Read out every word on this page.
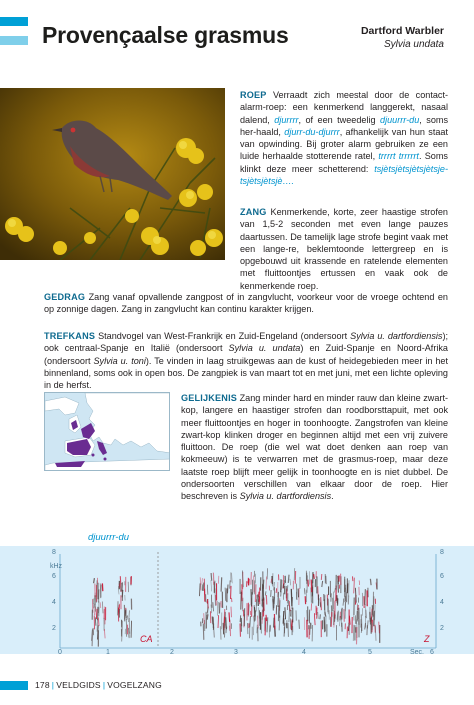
Provençaalse grasmus	Dartford Warbler
Sylvia undata
ROEP Verraadt zich meestal door de contact-alarm-roep: een kenmerkend langgerekt, nasaal dalend, djurrrr, of een tweedelig djuurrr-du, soms her-haald, djurr-du-djurrr, afhankelijk van hun staat van opwinding. Bij groter alarm gebruiken ze een luide herhaalde stotterende ratel, trrrrt trrrrrt. Soms klinkt deze meer schetterend: tsjètsjètsjètsjètsje-tsjètsjètsjè….
ZANG Kenmerkende, korte, zeer haastige strofen van 1,5-2 seconden met even lange pauzes daartussen. De tamelijk lage strofe begint vaak met een lange-re, beklemtoonde lettergreep en is opgebouwd uit krassende en ratelende elementen met fluittoontjes ertussen en vaak ook de kenmerkende roep.
GEDRAG Zang vanaf opvallende zangpost of in zangvlucht, voorkeur voor de vroege ochtend en op zonnige dagen. Zang in zangvlucht kan continu karakter krijgen.
TREFKANS Standvogel van West-Frankrijk en Zuid-Engeland (ondersoort Sylvia u. dartfordiensis); ook centraal-Spanje en Italië (ondersoort Sylvia u. undata) en Zuid-Spanje en Noord-Afrika (ondersoort Sylvia u. toni). Te vinden in laag struikgewas aan de kust of heidegebieden meer in het binnenland, soms ook in open bos. De zangpiek is van maart tot en met juni, met een lichte opleving in de herfst.
GELIJKENIS Zang minder hard en minder rauw dan kleine zwart-kop, langere en haastiger strofen dan roodborsttapuit, met ook meer fluittoontjes en hoger in toonhoogte. Zangstrofen van kleine zwart-kop klinken droger en beginnen altijd met een vrij zuivere fluittoon. De roep (die wel wat doet denken aan roep van kokmeeuw) is te verwarren met de grasmus-roep, maar deze laatste roep blijft meer gelijk in toonhoogte en is niet dubbel. De ondersoorten verschillen van elkaar door de roep. Hier beschreven is Sylvia u. dartfordiensis.
djuurrr-du
kHz
8
6
4
2
8
6
4
2
0	1	2	3	4	5	Sec. 6
CA	Z
178 | VELDGIDS | VOGELZANG
